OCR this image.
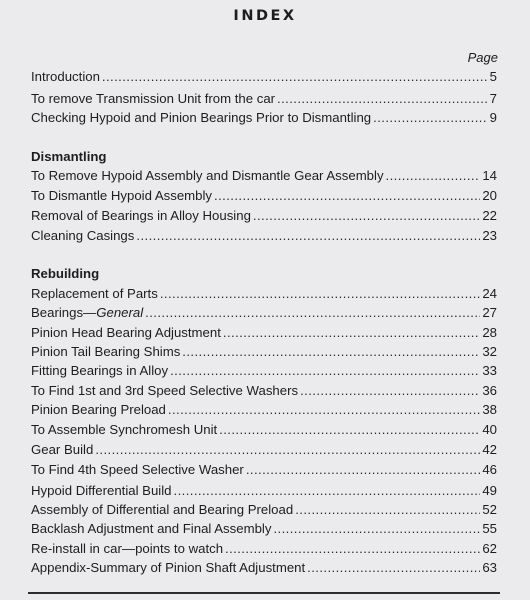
INDEX
Page
Introduction .....	5
To remove Transmission Unit from the car .....	7
Checking Hypoid and Pinion Bearings Prior to Dismantling .....	9
Dismantling
To Remove Hypoid Assembly and Dismantle Gear Assembly .....	14
To Dismantle Hypoid Assembly .....	20
Removal of Bearings in Alloy Housing .....	22
Cleaning Casings .....	23
Rebuilding
Replacement of Parts .....	24
Bearings—General .....	27
Pinion Head Bearing Adjustment .....	28
Pinion Tail Bearing Shims .....	32
Fitting Bearings in Alloy .....	33
To Find 1st and 3rd Speed Selective Washers .....	36
Pinion Bearing Preload .....	38
To Assemble Synchromesh Unit .....	40
Gear Build .....	42
To Find 4th Speed Selective Washer .....	46
Hypoid Differential Build .....	49
Assembly of Differential and Bearing Preload .....	52
Backlash Adjustment and Final Assembly .....	55
Re-install in car—points to watch .....	62
Appendix-Summary of Pinion Shaft Adjustment .....	63
